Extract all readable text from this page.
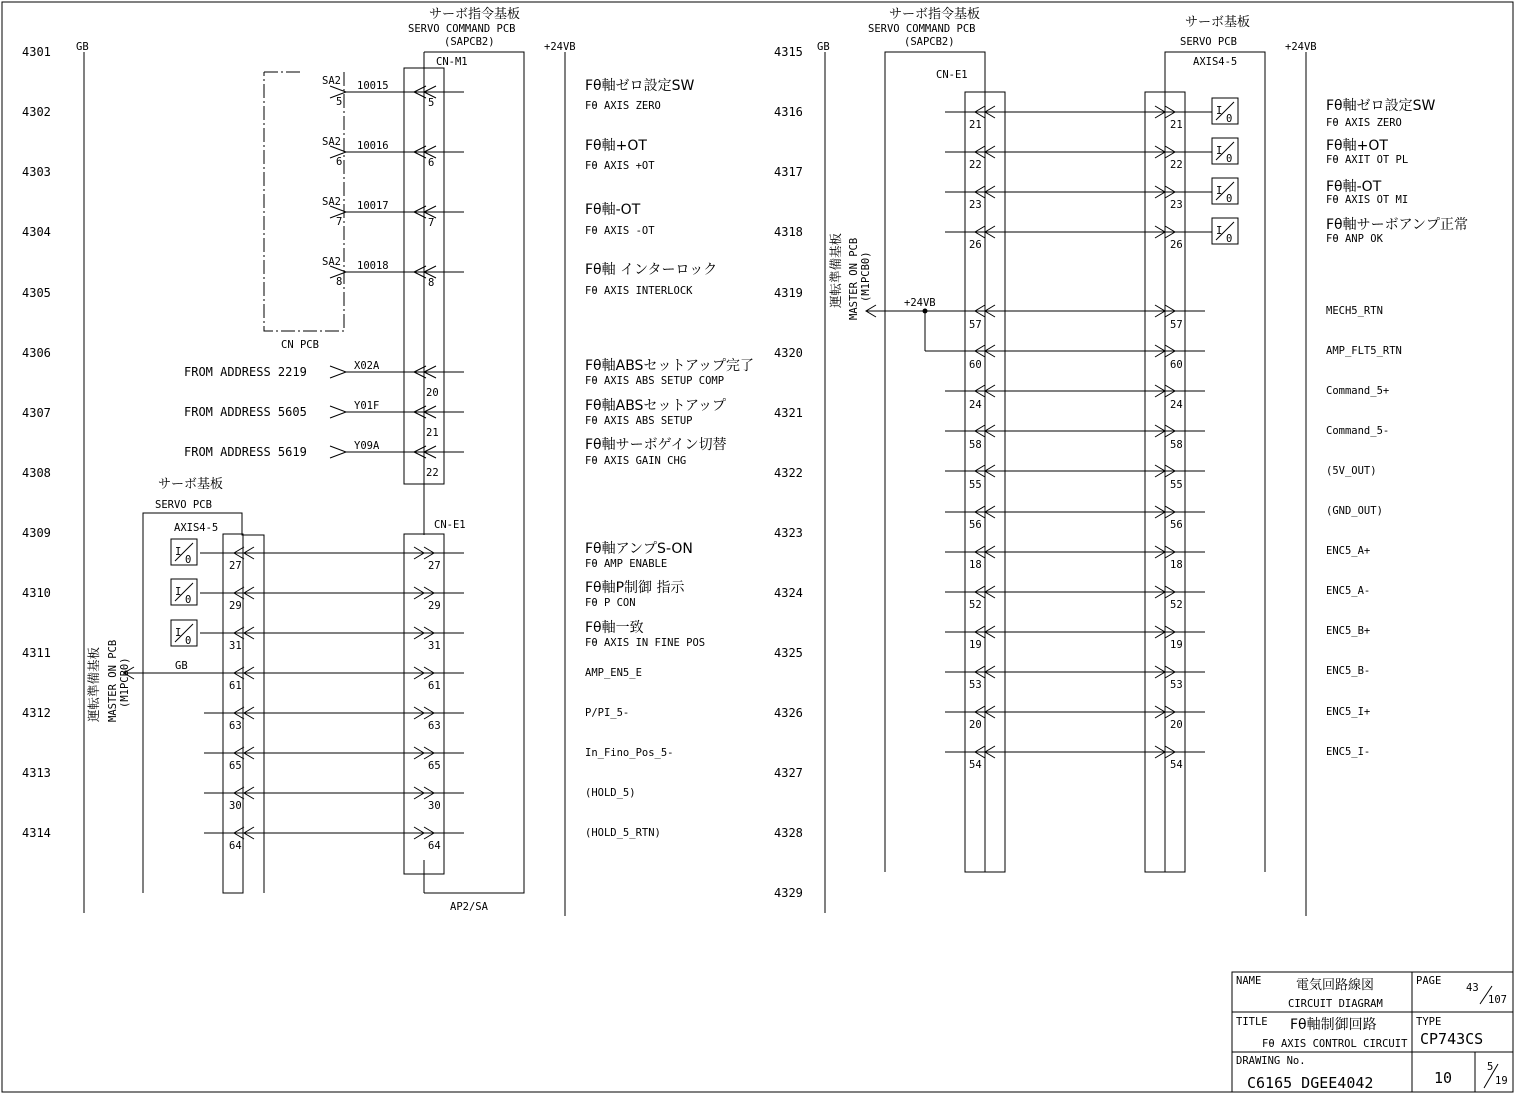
4301
4302
4303
4304
4305
4306
4307
4308
4309
4310
4311
4312
4313
4314
GB	+24VB
サーボ指令基板
SERVO COMMAND PCB
(SAPCB2)
AP2/SA
CN-M1
CN PCB
SA2
5
10015
5
SA2
6
10016
6
SA2
7
10017
7
SA2
8
10018
8
FROM ADDRESS 2219	X02A
20
FROM ADDRESS 5605	Y01F
21
FROM ADDRESS 5619	Y09A
22
サーボ基板
SERVO PCB
AXIS4-5	CN-E1
I
0
I
0
I
0
27	27
29	29
31	31
61	61
63	63
65	65
30	30
64	64
GB
運転準備基板 MASTER ON PCB (M1PCB0)
Fθ軸ゼロ設定SW
Fθ AXIS ZERO
Fθ軸+OT
Fθ AXIS +OT
Fθ軸-OT
Fθ AXIS -OT
Fθ軸 インターロック
Fθ AXIS INTERLOCK
Fθ軸ABSセットアップ完了
Fθ AXIS ABS SETUP COMP
Fθ軸ABSセットアップ
Fθ AXIS ABS SETUP
Fθ軸サーボゲイン切替
Fθ AXIS GAIN CHG
Fθ軸アンプS-ON
Fθ AMP ENABLE
Fθ軸P制御 指示
Fθ P CON
Fθ軸一致
Fθ AXIS IN FINE POS
AMP_EN5_E
P/PI_5-
In_Fino_Pos_5-
(HOLD_5)
(HOLD_5_RTN)
4315
4316
4317
4318
4319
4320
4321
4322
4323
4324
4325
4326
4327
4328
4329
GB	+24VB
サーボ指令基板
SERVO COMMAND PCB
(SAPCB2)
CN-E1
サーボ基板
SERVO PCB
AXIS4-5
21	21
22	22
23	23
26	26
57	57
60	60
24	24
58	58
55	55
56	56
18	18
52	52
19	19
53	53
20	20
54	54
I
0
I
0
I
0
I
0
運転準備基板 MASTER ON PCB (M1PCB0)
+24VB
Fθ軸ゼロ設定SW
Fθ AXIS ZERO
Fθ軸+OT
Fθ AXIT OT PL
Fθ軸-OT
Fθ AXIS OT MI
Fθ軸サーボアンプ正常
Fθ ANP OK
MECH5_RTN
AMP_FLT5_RTN
Command_5+
Command_5-
(5V_OUT)
(GND_OUT)
ENC5_A+
ENC5_A-
ENC5_B+
ENC5_B-
ENC5_I+
ENC5_I-
NAME	電気回路線図
CIRCUIT DIAGRAM
PAGE
43
107
TITLE Fθ軸制御回路
Fθ AXIS CONTROL CIRCUIT
TYPE
CP743CS
DRAWING No.
C6165 DGEE4042	10
5
19
